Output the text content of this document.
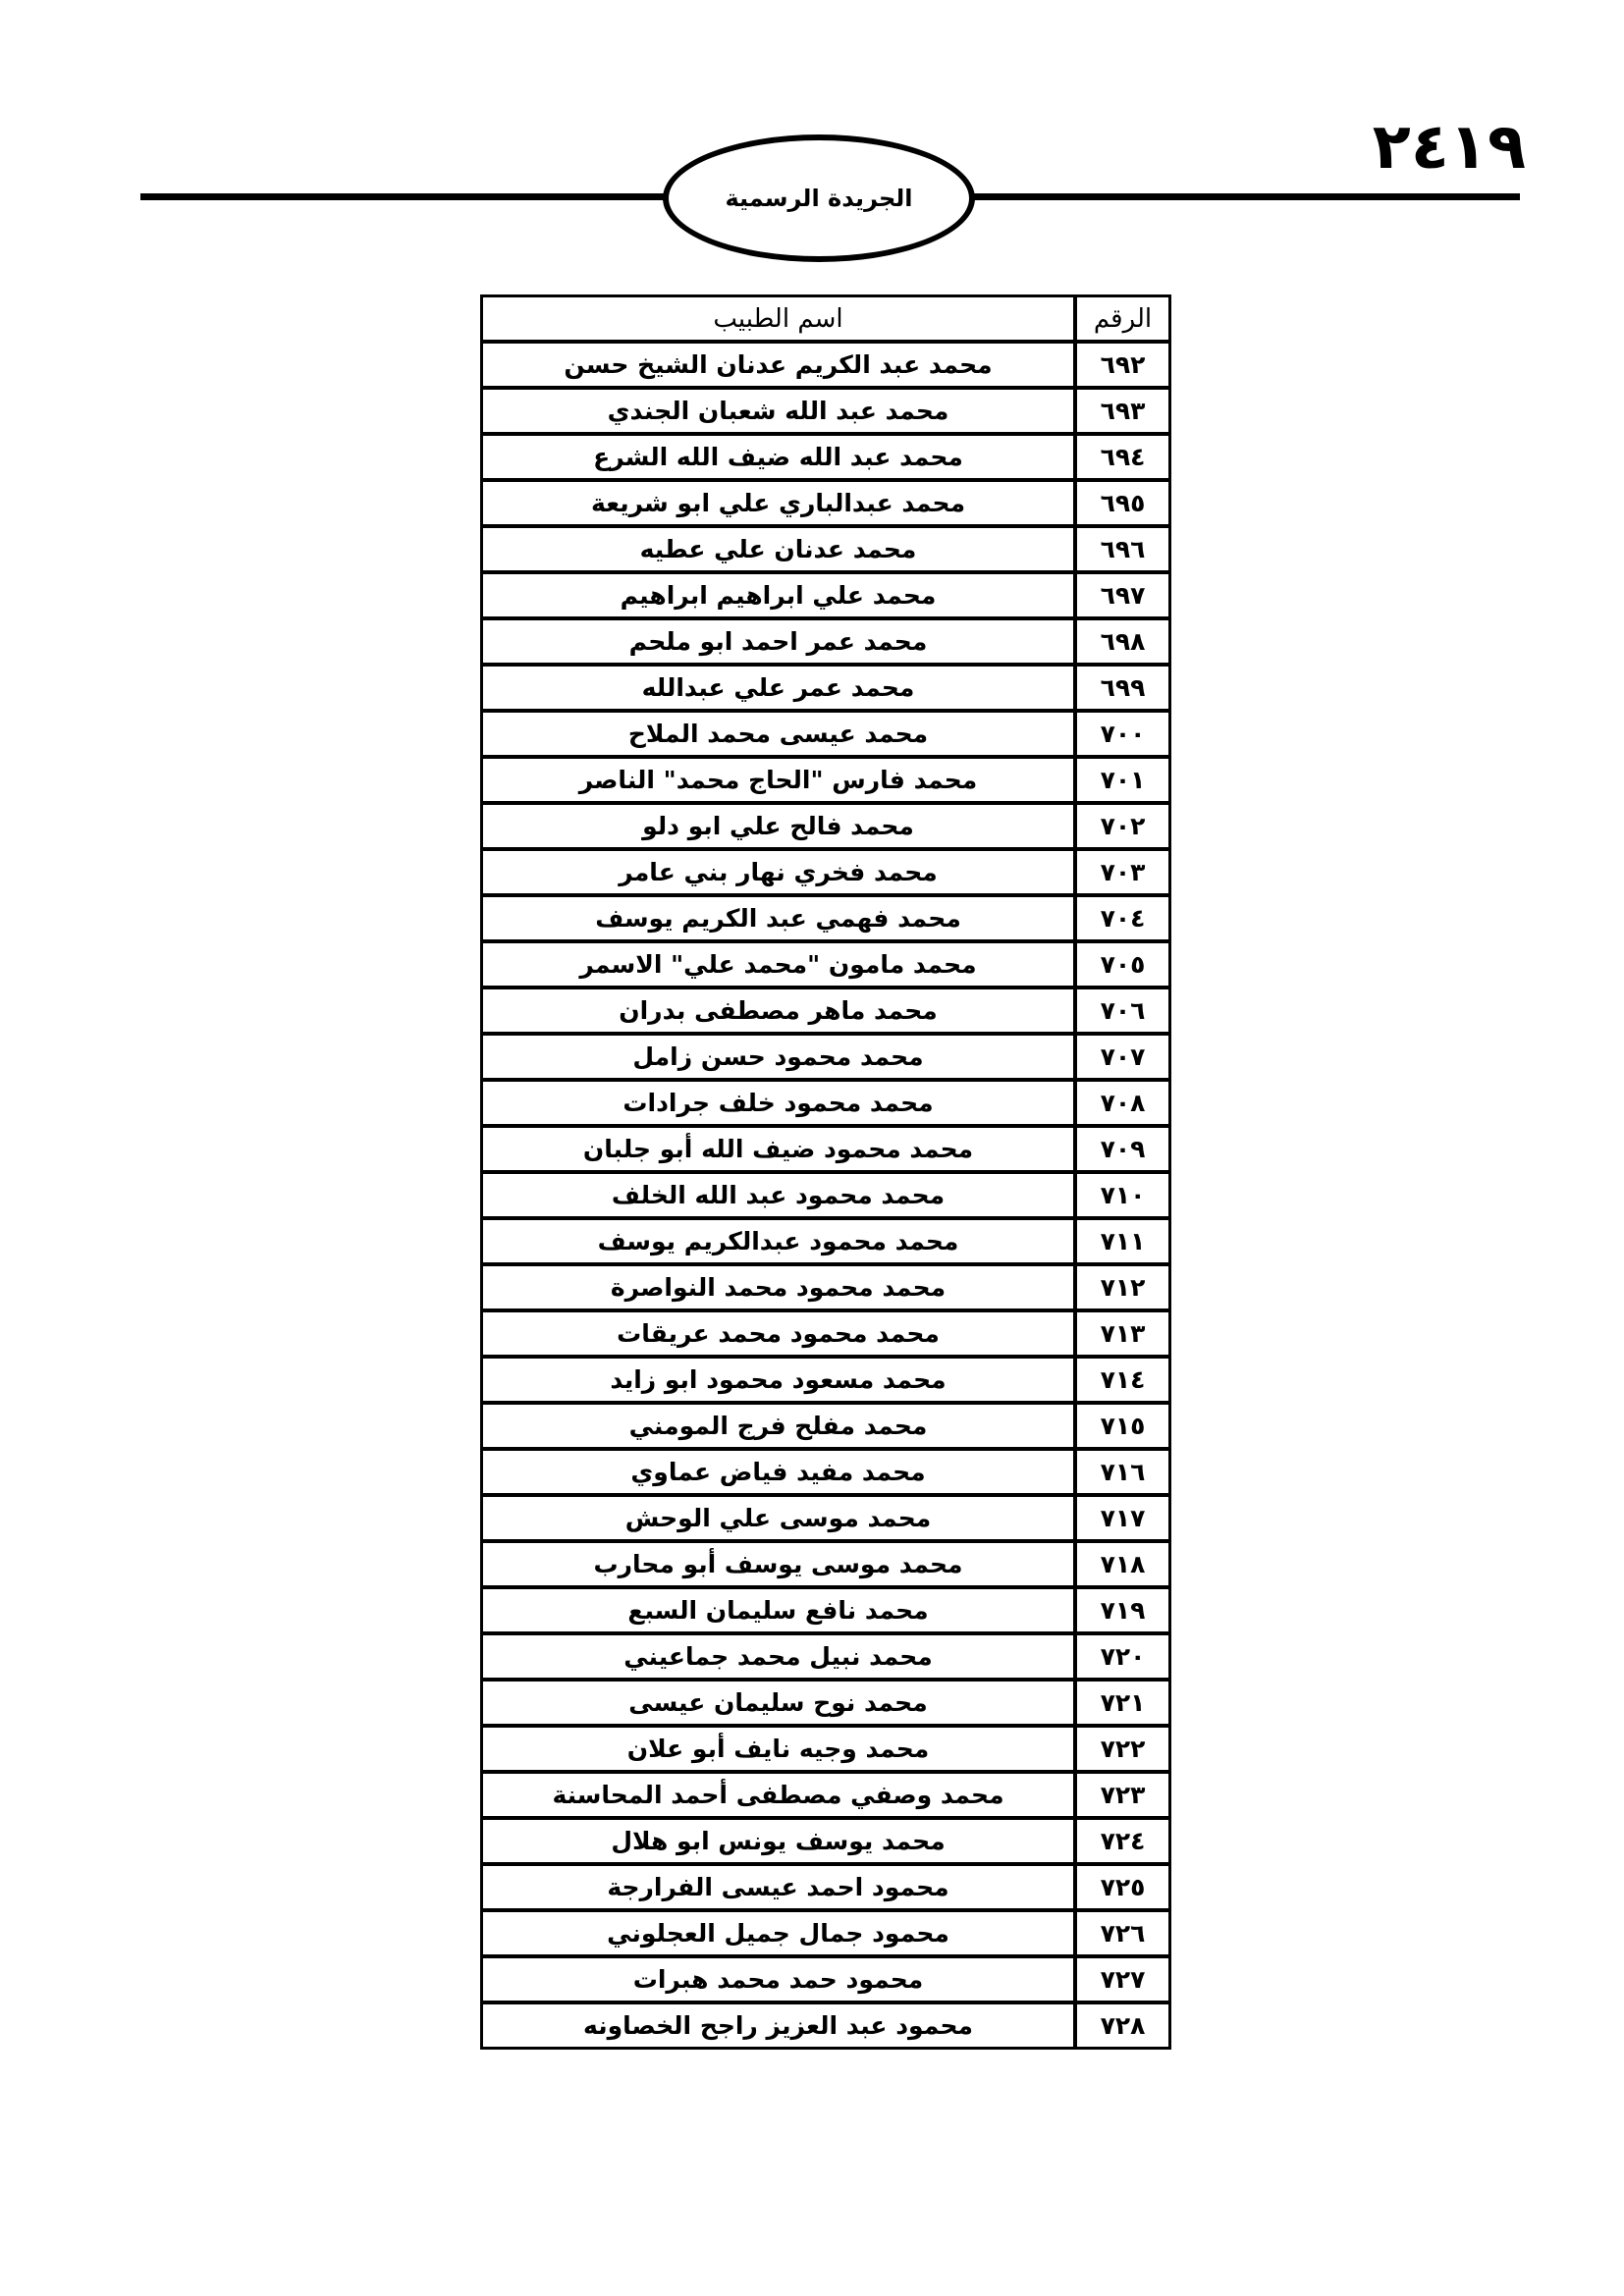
٢٤١٩
الجريدة الرسمية
الرقم	اسم الطبيب
٦٩٢	محمد عبد الكريم عدنان الشيخ حسن
٦٩٣	محمد عبد الله شعبان الجندي
٦٩٤	محمد عبد الله ضيف الله الشرع
٦٩٥	محمد عبدالباري علي ابو شريعة
٦٩٦	محمد عدنان علي عطيه
٦٩٧	محمد علي ابراهيم ابراهيم
٦٩٨	محمد عمر احمد ابو ملحم
٦٩٩	محمد عمر علي عبدالله
٧٠٠	محمد عيسى محمد الملاح
٧٠١	محمد فارس "الحاج محمد" الناصر
٧٠٢	محمد فالح علي ابو دلو
٧٠٣	محمد فخري نهار بني عامر
٧٠٤	محمد فهمي عبد الكريم يوسف
٧٠٥	محمد مامون "محمد علي" الاسمر
٧٠٦	محمد ماهر مصطفى بدران
٧٠٧	محمد محمود حسن زامل
٧٠٨	محمد محمود خلف جرادات
٧٠٩	محمد محمود ضيف الله أبو جلبان
٧١٠	محمد محمود عبد الله الخلف
٧١١	محمد محمود عبدالكريم يوسف
٧١٢	محمد محمود محمد النواصرة
٧١٣	محمد محمود محمد عريقات
٧١٤	محمد مسعود محمود ابو زايد
٧١٥	محمد مفلح فرج المومني
٧١٦	محمد مفيد فياض عماوي
٧١٧	محمد موسى علي الوحش
٧١٨	محمد موسى يوسف أبو محارب
٧١٩	محمد نافع سليمان السبع
٧٢٠	محمد نبيل محمد جماعيني
٧٢١	محمد نوح سليمان عيسى
٧٢٢	محمد وجيه نايف أبو علان
٧٢٣	محمد وصفي مصطفى أحمد المحاسنة
٧٢٤	محمد يوسف يونس ابو هلال
٧٢٥	محمود احمد عيسى الفرارجة
٧٢٦	محمود جمال جميل العجلوني
٧٢٧	محمود حمد محمد هبرات
٧٢٨	محمود عبد العزيز راجح الخصاونه
